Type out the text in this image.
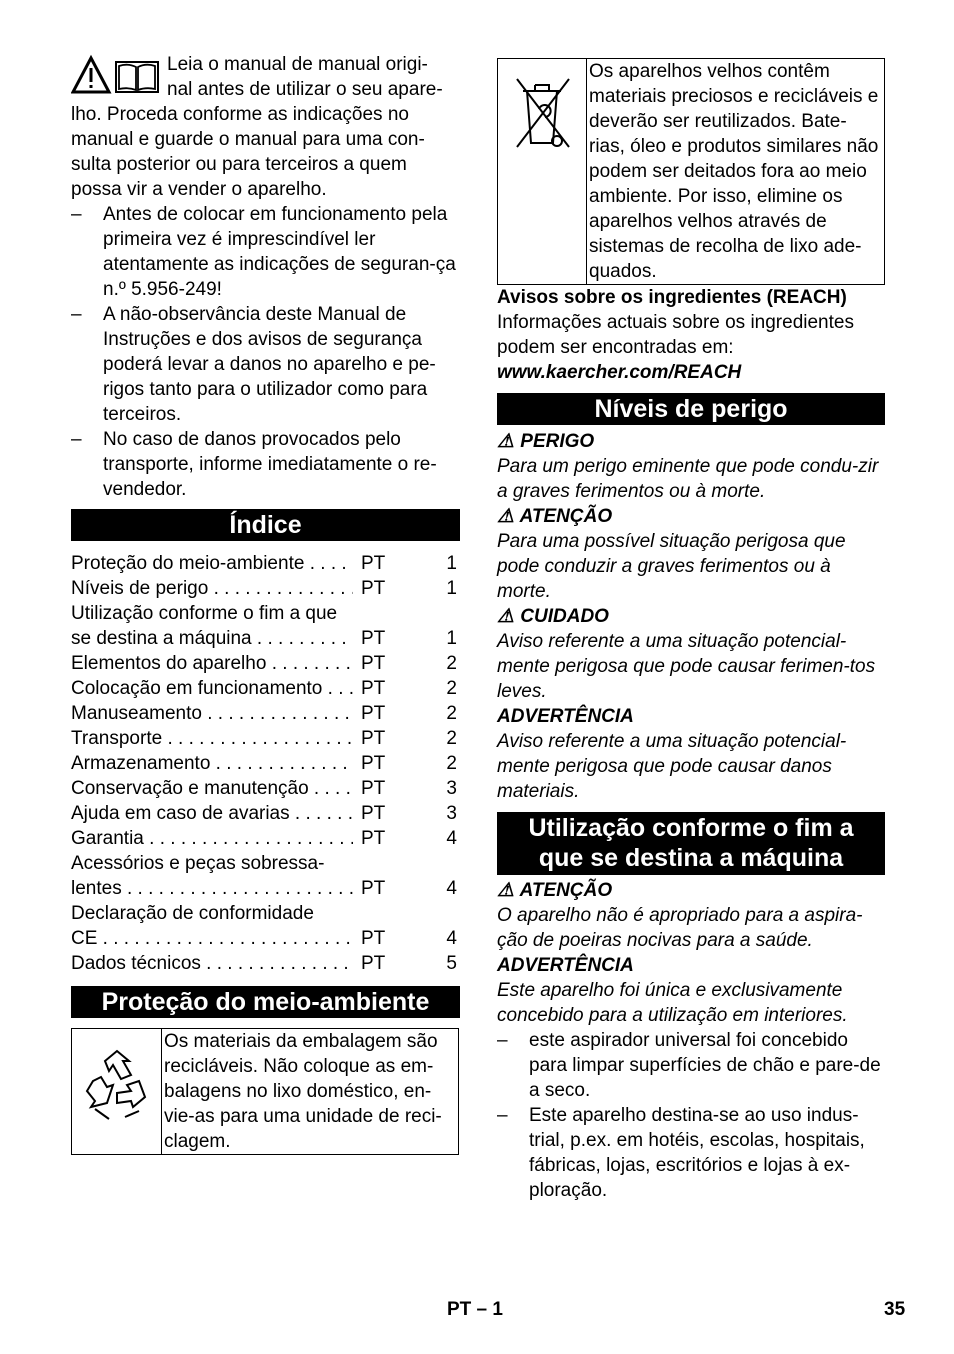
Leia o manual de manual origi-

nal antes de utilizar o seu apare-

lho. Proceda conforme as indicações no manual e guarde o manual para uma con-sulta posterior ou para terceiros a quem possa vir a vender o aparelho.

– Antes de colocar em funcionamento pela primeira vez é imprescindível ler atentamente as indicações de seguran-ça n.º 5.956-249!
– A não-observância deste Manual de Instruções e dos avisos de segurança poderá levar a danos no aparelho e pe-rigos tanto para o utilizador como para terceiros.
– No caso de danos provocados pelo transporte, informe imediatamente o re-vendedor.
Índice
Proteção do meio-ambiente . . .	PT	1
Níveis de perigo . . .	PT	1
Utilização conforme o fim a que
se destina a máquina . . .	PT	1
Elementos do aparelho . . .	PT	2
Colocação em funcionamento . . .	PT	2
Manuseamento . . .	PT	2
Transporte . . .	PT	2
Armazenamento . . .	PT	2
Conservação e manutenção . . .	PT	3
Ajuda em caso de avarias . . .	PT	3
Garantia . . .	PT	4
Acessórios e peças sobressa-
lentes . . .	PT	4
Declaração de conformidade
CE . . .	PT	4
Dados técnicos . . .	PT	5
Proteção do meio-ambiente
Os materiais da embalagem são recicláveis. Não coloque as em-balagens no lixo doméstico, en-vie-as para uma unidade de reci-clagem.
Os aparelhos velhos contêm materiais preciosos e recicláveis e deverão ser reutilizados. Bate-rias, óleo e produtos similares não podem ser deitados fora ao meio ambiente. Por isso, elimine os aparelhos velhos através de sistemas de recolha de lixo ade-quados.

Avisos sobre os ingredientes (REACH)

Informações actuais sobre os ingredientes podem ser encontradas em:

www.kaercher.com/REACH

Níveis de perigo

⚠ PERIGO

Para um perigo eminente que pode condu-zir a graves ferimentos ou à morte.

⚠ ATENÇÃO

Para uma possível situação perigosa que pode conduzir a graves ferimentos ou à morte.

⚠ CUIDADO

Aviso referente a uma situação potencial-mente perigosa que pode causar ferimen-tos leves.

ADVERTÊNCIA

Aviso referente a uma situação potencial-mente perigosa que pode causar danos materiais.

Utilização conforme o fim a
que se destina a máquina

⚠ ATENÇÃO

O aparelho não é apropriado para a aspira-ção de poeiras nocivas para a saúde.

ADVERTÊNCIA

Este aparelho foi única e exclusivamente concebido para a utilização em interiores.

– este aspirador universal foi concebido para limpar superfícies de chão e pare-de a seco.
– Este aparelho destina-se ao uso indus-trial, p.ex. em hotéis, escolas, hospitais, fábricas, lojas, escritórios e lojas à ex-ploração.
PT – 1	35
